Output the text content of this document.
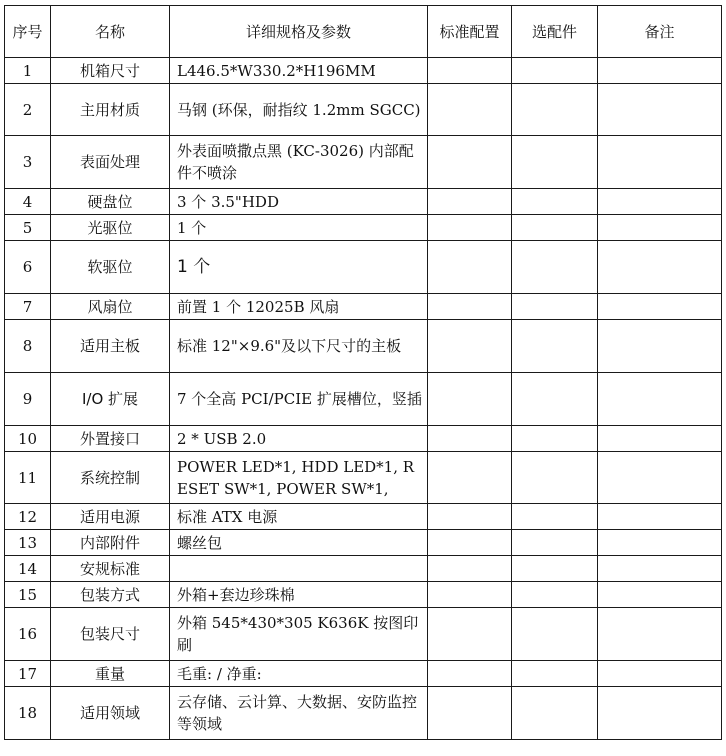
序号	名称	详细规格及参数	标准配置	选配件	备注
1	机箱尺寸	L446.5*W330.2*H196MM			
2	主用材质	马钢 (环保，耐指纹 1.2mm SGCC)			
3	表面处理	外表面喷撒点黑 (KC-3026) 内部配件不喷涂			
4	硬盘位	3 个 3.5"HDD			
5	光驱位	1 个			
6	软驱位	1 个			
7	风扇位	前置 1 个 12025B 风扇			
8	适用主板	标准 12"×9.6"及以下尺寸的主板			
9	I/O 扩展	7 个全高 PCI/PCIE 扩展槽位，竖插			
10	外置接口	2 * USB 2.0			
11	系统控制	POWER LED*1, HDD LED*1, RESET SW*1, POWER SW*1,			
12	适用电源	标准 ATX 电源			
13	内部附件	螺丝包			
14	安规标准				
15	包装方式	外箱+套边珍珠棉			
16	包装尺寸	外箱 545*430*305 K636K 按图印刷			
17	重量	毛重: / 净重:			
18	适用领域	云存储、云计算、大数据、安防监控等领域			
